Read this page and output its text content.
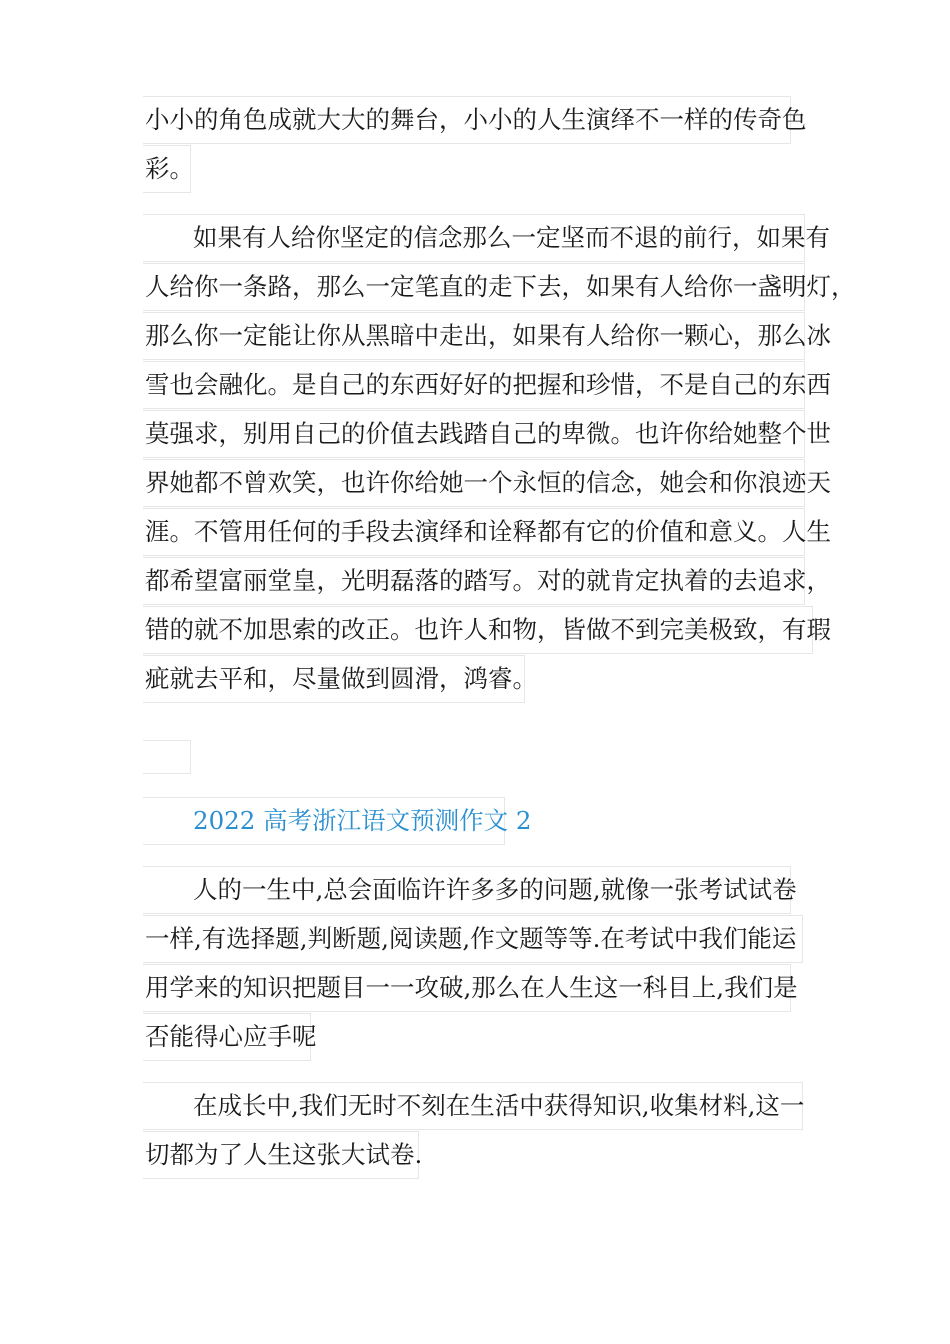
小小的角色成就大大的舞台，小小的人生演绎不一样的传奇色
彩。
如果有人给你坚定的信念那么一定坚而不退的前行，如果有
人给你一条路，那么一定笔直的走下去，如果有人给你一盏明灯，
那么你一定能让你从黑暗中走出，如果有人给你一颗心，那么冰
雪也会融化。是自己的东西好好的把握和珍惜，不是自己的东西
莫强求，别用自己的价值去践踏自己的卑微。也许你给她整个世
界她都不曾欢笑，也许你给她一个永恒的信念，她会和你浪迹天
涯。不管用任何的手段去演绎和诠释都有它的价值和意义。人生
都希望富丽堂皇，光明磊落的踏写。对的就肯定执着的去追求，
错的就不加思索的改正。也许人和物，皆做不到完美极致，有瑕
疵就去平和，尽量做到圆滑，鸿睿。
2022 高考浙江语文预测作文 2
人的一生中,总会面临许许多多的问题,就像一张考试试卷
一样,有选择题,判断题,阅读题,作文题等等.在考试中我们能运
用学来的知识把题目一一攻破,那么在人生这一科目上,我们是
否能得心应手呢
在成长中,我们无时不刻在生活中获得知识,收集材料,这一
切都为了人生这张大试卷.
